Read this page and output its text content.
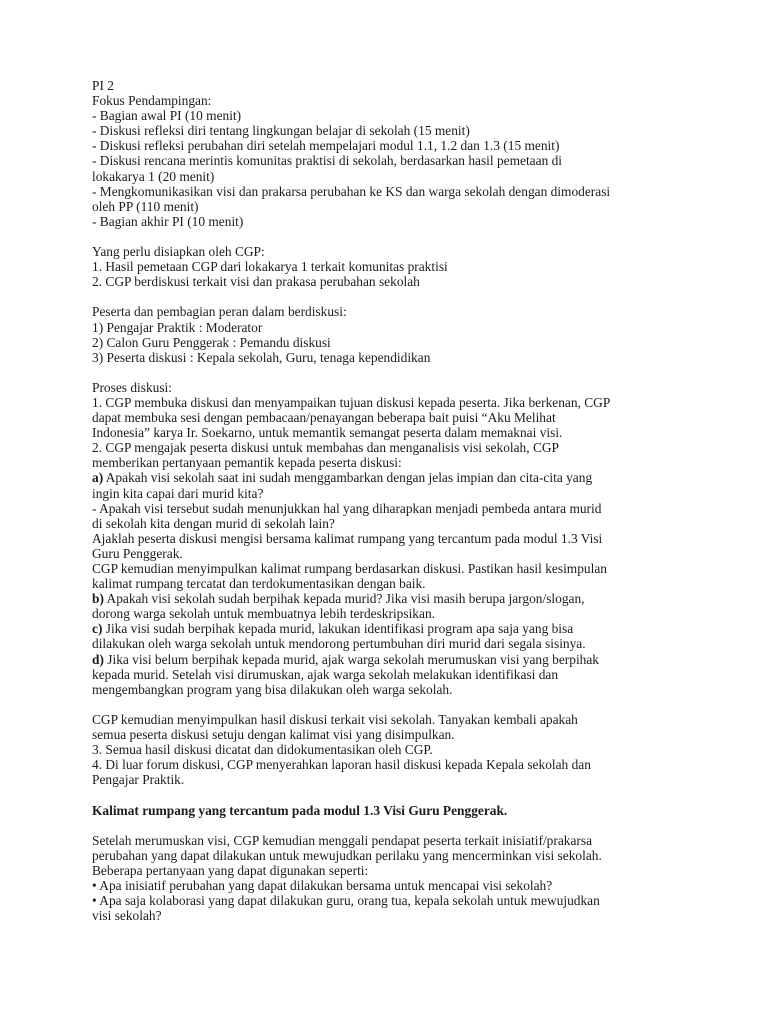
PI 2
Fokus Pendampingan:
- Bagian awal PI (10 menit)
- Diskusi refleksi diri tentang lingkungan belajar di sekolah (15 menit)
- Diskusi refleksi perubahan diri setelah mempelajari modul 1.1, 1.2 dan 1.3 (15 menit)
- Diskusi rencana merintis komunitas praktisi di sekolah, berdasarkan hasil pemetaan di
lokakarya 1 (20 menit)
- Mengkomunikasikan visi dan prakarsa perubahan ke KS dan warga sekolah dengan dimoderasi
oleh PP (110 menit)
- Bagian akhir PI (10 menit)
Yang perlu disiapkan oleh CGP:
1. Hasil pemetaan CGP dari lokakarya 1 terkait komunitas praktisi
2. CGP berdiskusi terkait visi dan prakasa perubahan sekolah
Peserta dan pembagian peran dalam berdiskusi:
1) Pengajar Praktik : Moderator
2) Calon Guru Penggerak : Pemandu diskusi
3) Peserta diskusi : Kepala sekolah, Guru, tenaga kependidikan
Proses diskusi:
1. CGP membuka diskusi dan menyampaikan tujuan diskusi kepada peserta. Jika berkenan, CGP
dapat membuka sesi dengan pembacaan/penayangan beberapa bait puisi “Aku Melihat
Indonesia” karya Ir. Soekarno, untuk memantik semangat peserta dalam memaknai visi.
2. CGP mengajak peserta diskusi untuk membahas dan menganalisis visi sekolah, CGP
memberikan pertanyaan pemantik kepada peserta diskusi:
a) Apakah visi sekolah saat ini sudah menggambarkan dengan jelas impian dan cita-cita yang
ingin kita capai dari murid kita?
- Apakah visi tersebut sudah menunjukkan hal yang diharapkan menjadi pembeda antara murid
di sekolah kita dengan murid di sekolah lain?
Ajaklah peserta diskusi mengisi bersama kalimat rumpang yang tercantum pada modul 1.3 Visi
Guru Penggerak.
CGP kemudian menyimpulkan kalimat rumpang berdasarkan diskusi. Pastikan hasil kesimpulan
kalimat rumpang tercatat dan terdokumentasikan dengan baik.
b) Apakah visi sekolah sudah berpihak kepada murid? Jika visi masih berupa jargon/slogan,
dorong warga sekolah untuk membuatnya lebih terdeskripsikan.
c) Jika visi sudah berpihak kepada murid, lakukan identifikasi program apa saja yang bisa
dilakukan oleh warga sekolah untuk mendorong pertumbuhan diri murid dari segala sisinya.
d) Jika visi belum berpihak kepada murid, ajak warga sekolah merumuskan visi yang berpihak
kepada murid. Setelah visi dirumuskan, ajak warga sekolah melakukan identifikasi dan
mengembangkan program yang bisa dilakukan oleh warga sekolah.
CGP kemudian menyimpulkan hasil diskusi terkait visi sekolah. Tanyakan kembali apakah
semua peserta diskusi setuju dengan kalimat visi yang disimpulkan.
3. Semua hasil diskusi dicatat dan didokumentasikan oleh CGP.
4. Di luar forum diskusi, CGP menyerahkan laporan hasil diskusi kepada Kepala sekolah dan
Pengajar Praktik.
Kalimat rumpang yang tercantum pada modul 1.3 Visi Guru Penggerak.
Setelah merumuskan visi, CGP kemudian menggali pendapat peserta terkait inisiatif/prakarsa
perubahan yang dapat dilakukan untuk mewujudkan perilaku yang mencerminkan visi sekolah.
Beberapa pertanyaan yang dapat digunakan seperti:
• Apa inisiatif perubahan yang dapat dilakukan bersama untuk mencapai visi sekolah?
• Apa saja kolaborasi yang dapat dilakukan guru, orang tua, kepala sekolah untuk mewujudkan
visi sekolah?
